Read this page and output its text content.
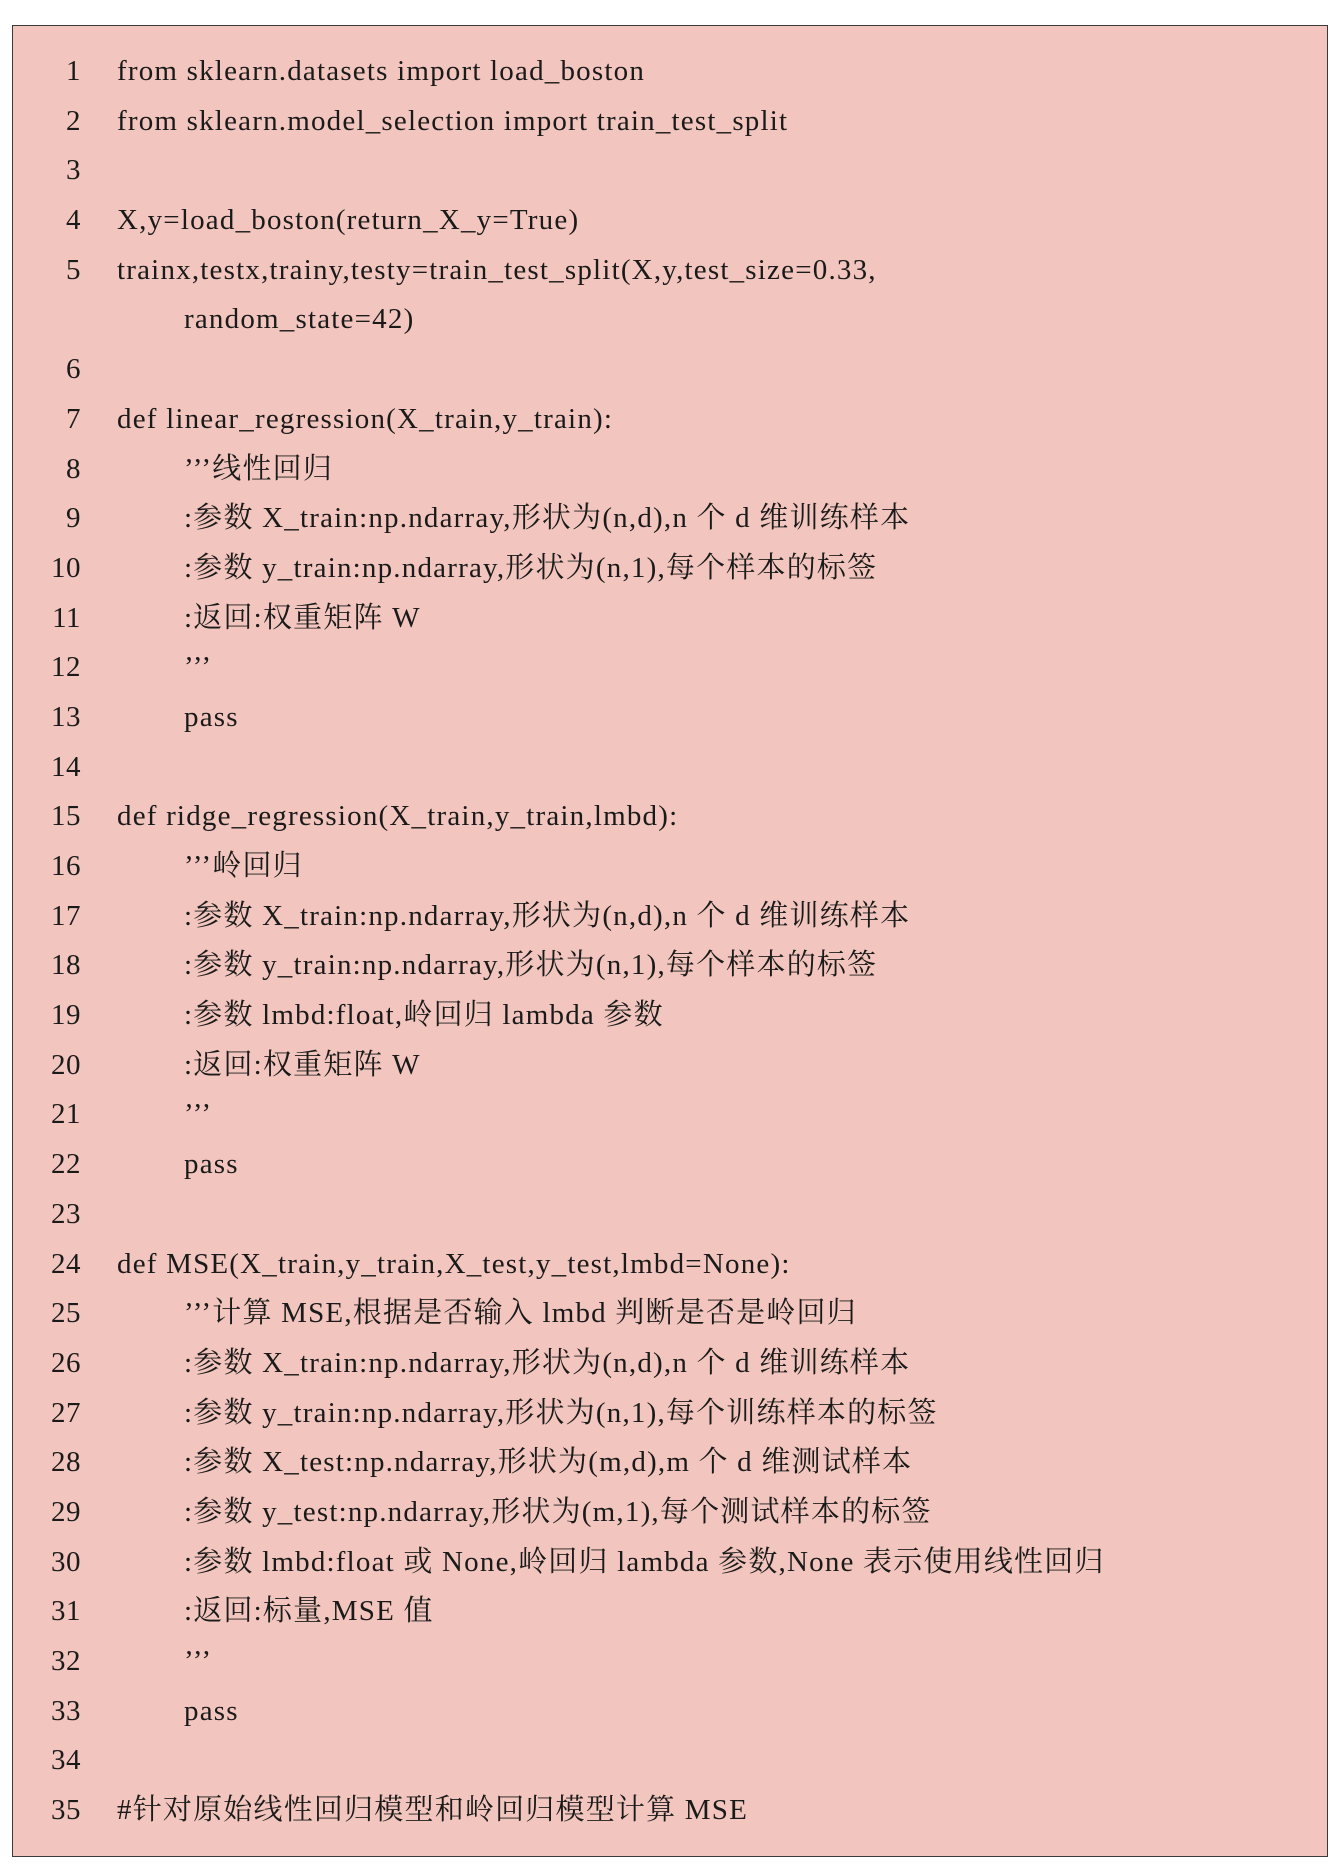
1 from sklearn.datasets import load_boston
2 from sklearn.model_selection import train_test_split
3
4 X,y=load_boston(return_X_y=True)
5 trainx,testx,trainy,testy=train_test_split(X,y,test_size=0.33,
random_state=42)
6
7 def linear_regression(X_train,y_train):
8	’’’线性回归
9	:参数 X_train:np.ndarray,形状为(n,d),n 个 d 维训练样本
10	:参数 y_train:np.ndarray,形状为(n,1),每个样本的标签
11	:返回:权重矩阵 W
12	’’’
13	pass
14
15 def ridge_regression(X_train,y_train,lmbd):
16	’’’岭回归
17	:参数 X_train:np.ndarray,形状为(n,d),n 个 d 维训练样本
18	:参数 y_train:np.ndarray,形状为(n,1),每个样本的标签
19	:参数 lmbd:float,岭回归 lambda 参数
20	:返回:权重矩阵 W
21	’’’
22	pass
23
24 def MSE(X_train,y_train,X_test,y_test,lmbd=None):
25	’’’计算 MSE,根据是否输入 lmbd 判断是否是岭回归
26	:参数 X_train:np.ndarray,形状为(n,d),n 个 d 维训练样本
27	:参数 y_train:np.ndarray,形状为(n,1),每个训练样本的标签
28	:参数 X_test:np.ndarray,形状为(m,d),m 个 d 维测试样本
29	:参数 y_test:np.ndarray,形状为(m,1),每个测试样本的标签
30	:参数 lmbd:float 或 None,岭回归 lambda 参数,None 表示使用线性回归
31	:返回:标量,MSE 值
32	’’’
33	pass
34
35 #针对原始线性回归模型和岭回归模型计算 MSE
